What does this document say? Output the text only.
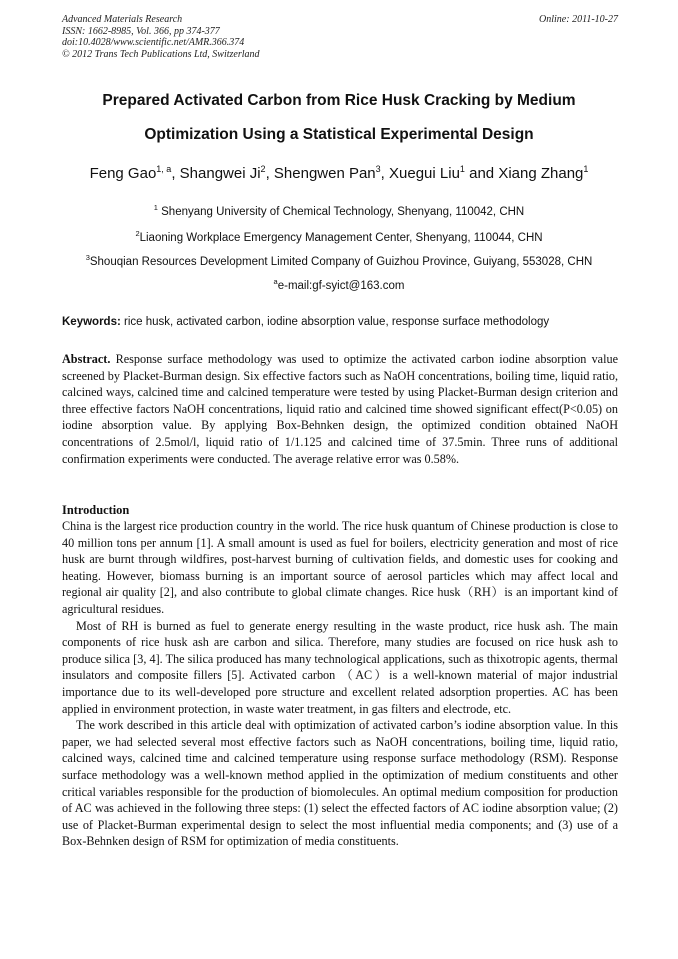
Advanced Materials Research
ISSN: 1662-8985, Vol. 366, pp 374-377
doi:10.4028/www.scientific.net/AMR.366.374
© 2012 Trans Tech Publications Ltd, Switzerland
Online: 2011-10-27
Prepared Activated Carbon from Rice Husk Cracking by Medium
Optimization Using a Statistical Experimental Design
Feng Gao$^{1, a}$, Shangwei Ji$^2$, Shengwen Pan$^3$, Xuegui Liu$^1$ and Xiang Zhang$^1$
$^1$ Shenyang University of Chemical Technology, Shenyang, 110042, CHN
$^2$Liaoning Workplace Emergency Management Center, Shenyang, 110044, CHN
$^3$Shouqian Resources Development Limited Company of Guizhou Province, Guiyang, 553028, CHN
$^a$e-mail:gf-syict@163.com
Keywords: rice husk, activated carbon, iodine absorption value, response surface methodology

Abstract. Response surface methodology was used to optimize the activated carbon iodine absorption value screened by Placket-Burman design. Six effective factors such as NaOH concentrations, boiling time, liquid ratio, calcined ways, calcined time and calcined temperature were tested by using Placket-Burman design criterion and three effective factors NaOH concentrations, liquid ratio and calcined time showed significant effect(P<0.05) on iodine absorption value. By applying Box-Behnken design, the optimized condition obtained NaOH concentrations of 2.5mol/l, liquid ratio of 1/1.125 and calcined time of 37.5min. Three runs of additional confirmation experiments were conducted. The average relative error was 0.58%.

Introduction

China is the largest rice production country in the world. The rice husk quantum of Chinese production is close to 40 million tons per annum [1]. A small amount is used as fuel for boilers, electricity generation and most of rice husk are burnt through wildfires, post-harvest burning of cultivation fields, and domestic uses for cooking and heating. However, biomass burning is an important source of aerosol particles which may affect local and regional air quality [2], and also contribute to global climate changes. Rice husk（RH）is an important kind of agricultural residues.

Most of RH is burned as fuel to generate energy resulting in the waste product, rice husk ash. The main components of rice husk ash are carbon and silica. Therefore, many studies are focused on rice husk ash to produce silica [3, 4]. The silica produced has many technological applications, such as thixotropic agents, thermal insulators and composite fillers [5]. Activated carbon （AC）is a well-known material of major industrial importance due to its well-developed pore structure and excellent related adsorption properties. AC has been applied in environment protection, in waste water treatment, in gas filters and electrode, etc.

The work described in this article deal with optimization of activated carbon’s iodine absorption value. In this paper, we had selected several most effective factors such as NaOH concentrations, boiling time, liquid ratio, calcined ways, calcined time and calcined temperature using response surface methodology (RSM). Response surface methodology was a well-known method applied in the optimization of medium constituents and other critical variables responsible for the production of biomolecules. An optimal medium composition for production of AC was achieved in the following three steps: (1) select the effected factors of AC iodine absorption value; (2) use of Placket-Burman experimental design to select the most influential media components; and (3) use of a Box-Behnken design of RSM for optimization of media constituents.
